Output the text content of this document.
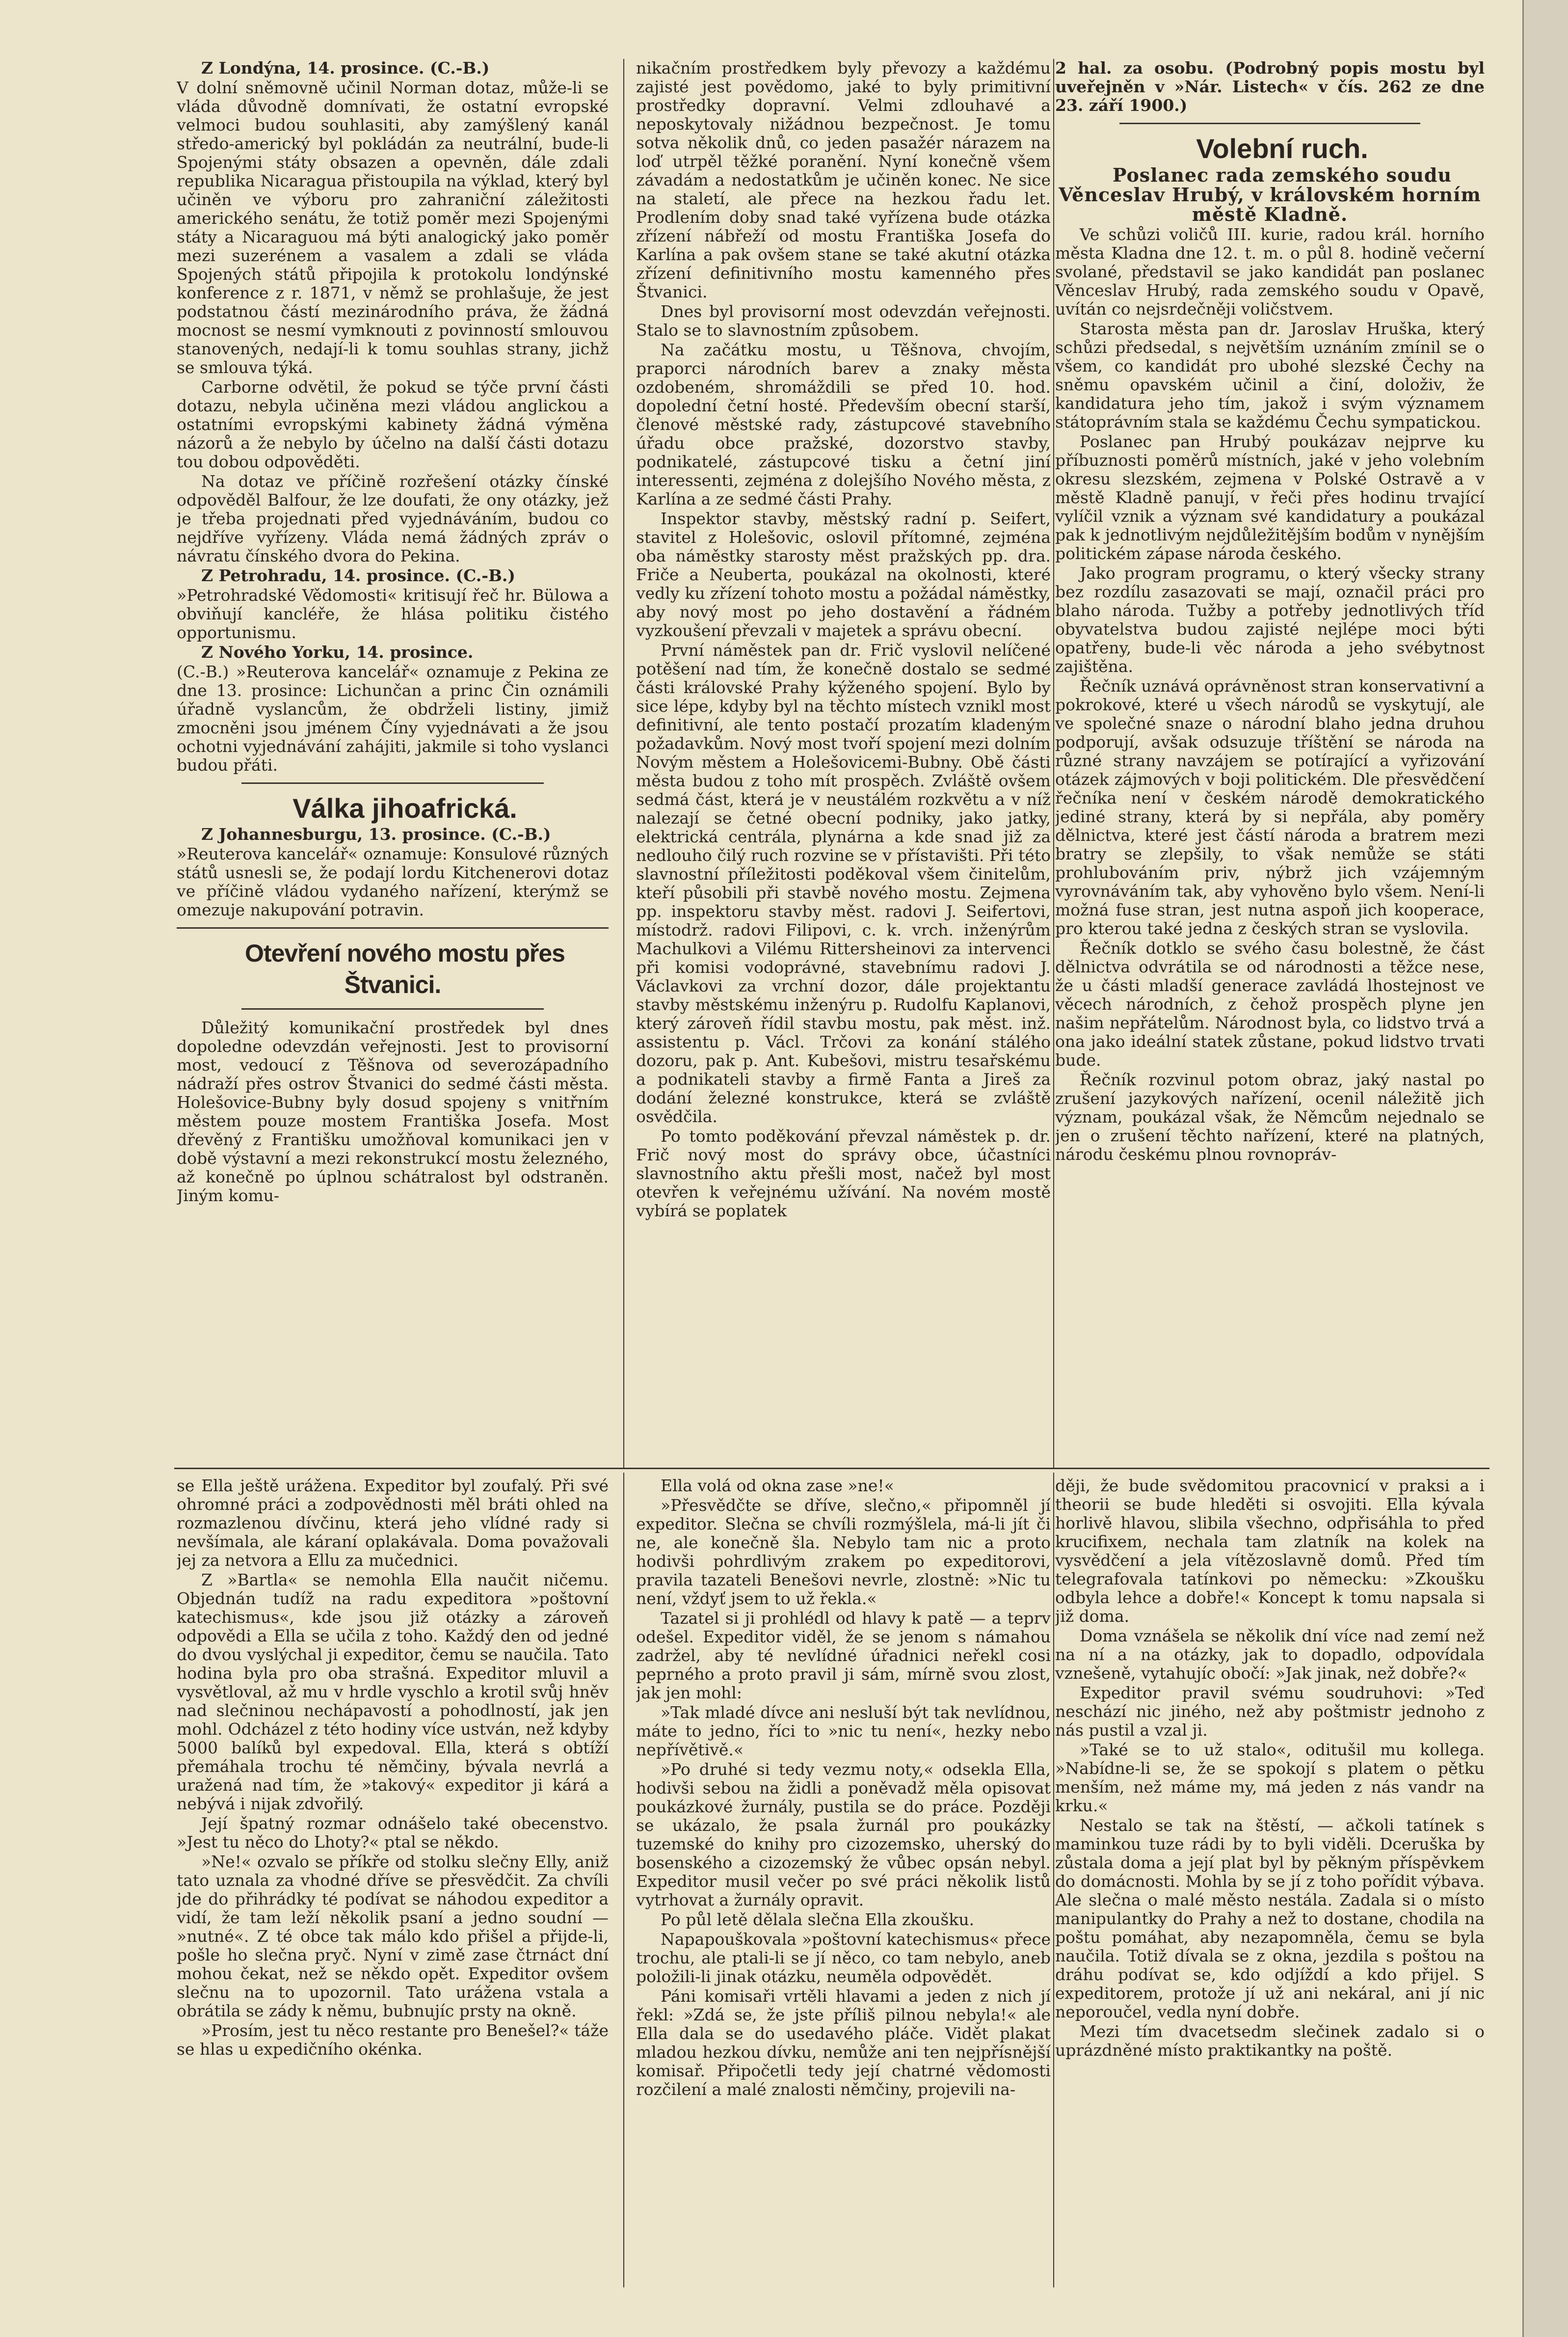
Z Londýna, 14. prosince. (C.-B.)

V dolní sněmovně učinil Norman dotaz, může-li se vláda důvodně domnívati, že ostatní evropské velmoci budou souhlasiti, aby zamýšlený kanál středo-americký byl pokládán za neutrální, bude-li Spojenými státy obsazen a opevněn, dále zdali republika Nicaragua přistoupila na výklad, který byl učiněn ve výboru pro zahraniční záležitosti amerického senátu, že totiž poměr mezi Spojenými státy a Nicaraguou má býti analogický jako poměr mezi suzerénem a vasalem a zdali se vláda Spojených států připojila k protokolu londýnské konference z r. 1871, v němž se prohlašuje, že jest podstatnou částí mezinárodního práva, že žádná mocnost se nesmí vymknouti z povinností smlouvou stanovených, nedají-li k tomu souhlas strany, jichž se smlouva týká.

Carborne odvětil, že pokud se týče první části dotazu, nebyla učiněna mezi vládou anglickou a ostatními evropskými kabinety žádná výměna názorů a že nebylo by účelno na další části dotazu tou dobou odpověděti.

Na dotaz ve příčině rozřešení otázky čínské odpověděl Balfour, že lze doufati, že ony otázky, jež je třeba projednati před vyjednáváním, budou co nejdříve vyřízeny. Vláda nemá žádných zpráv o návratu čínského dvora do Pekina.

Z Petrohradu, 14. prosince. (C.-B.)

»Petrohradské Vědomosti« kritisují řeč hr. Bülowa a obviňují kancléře, že hlása politiku čistého opportunismu.

Z Nového Yorku, 14. prosince.

(C.-B.) »Reuterova kancelář« oznamuje z Pekina ze dne 13. prosince: Lichunčan a princ Čin oznámili úřadně vyslancům, že obdrželi listiny, jimiž zmocněni jsou jménem Číny vyjednávati a že jsou ochotni vyjednávání zahájiti, jakmile si toho vyslanci budou přáti.

Válka jihoafrická.

Z Johannesburgu, 13. prosince. (C.-B.)

»Reuterova kancelář« oznamuje: Konsulové různých států usnesli se, že podají lordu Kitchenerovi dotaz ve příčině vládou vydaného nařízení, kterýmž se omezuje nakupování potravin.

Otevření nového mostu přes Štvanici.

Důležitý komunikační prostředek byl dnes dopoledne odevzdán veřejnosti. Jest to provisorní most, vedoucí z Těšnova od severozápadního nádraží přes ostrov Štvanici do sedmé části města. Holešovice-Bubny byly dosud spojeny s vnitřním městem pouze mostem Františka Josefa. Most dřevěný z Františku umožňoval komunikaci jen v době výstavní a mezi rekonstrukcí mostu železného, až konečně po úplnou schátralost byl odstraněn. Jiným komu-

nikačním prostředkem byly převozy a každému zajisté jest povědomo, jaké to byly primitivní prostředky dopravní. Velmi zdlouhavé a neposkytovaly nižádnou bezpečnost. Je tomu sotva několik dnů, co jeden pasažér nárazem na loď utrpěl těžké poranění. Nyní konečně všem závadám a nedostatkům je učiněn konec. Ne sice na staletí, ale přece na hezkou řadu let. Prodlením doby snad také vyřízena bude otázka zřízení nábřeží od mostu Františka Josefa do Karlína a pak ovšem stane se také akutní otázka zřízení definitivního mostu kamenného přes Štvanici.

Dnes byl provisorní most odevzdán veřejnosti. Stalo se to slavnostním způsobem.

Na začátku mostu, u Těšnova, chvojím, praporci národních barev a znaky města ozdobeném, shromáždili se před 10. hod. dopolední četní hosté. Především obecní starší, členové městské rady, zástupcové stavebního úřadu obce pražské, dozorstvo stavby, podnikatelé, zástupcové tisku a četní jiní interessenti, zejména z dolejšího Nového města, z Karlína a ze sedmé části Prahy.

Inspektor stavby, městský radní p. Seifert, stavitel z Holešovic, oslovil přítomné, zejména oba náměstky starosty měst pražských pp. dra. Friče a Neuberta, poukázal na okolnosti, které vedly ku zřízení tohoto mostu a požádal náměstky, aby nový most po jeho dostavění a řádném vyzkoušení převzali v majetek a správu obecní.

První náměstek pan dr. Frič vyslovil nelíčené potěšení nad tím, že konečně dostalo se sedmé části královské Prahy kýženého spojení. Bylo by sice lépe, kdyby byl na těchto místech vznikl most definitivní, ale tento postačí prozatím kladeným požadavkům. Nový most tvoří spojení mezi dolním Novým městem a Holešovicemi-Bubny. Obě části města budou z toho mít prospěch. Zvláště ovšem sedmá část, která je v neustálém rozkvětu a v níž nalezají se četné obecní podniky, jako jatky, elektrická centrála, plynárna a kde snad již za nedlouho čilý ruch rozvine se v přístavišti. Při této slavnostní příležitosti poděkoval všem činitelům, kteří působili při stavbě nového mostu. Zejmena pp. inspektoru stavby měst. radovi J. Seifertovi, místodrž. radovi Filipovi, c. k. vrch. inženýrům Machulkovi a Vilému Rittersheinovi za intervenci při komisi vodoprávné, stavebnímu radovi J. Václavkovi za vrchní dozor, dále projektantu stavby městskému inženýru p. Rudolfu Kaplanovi, který zároveň řídil stavbu mostu, pak měst. inž. assistentu p. Václ. Trčovi za konání stálého dozoru, pak p. Ant. Kubešovi, mistru tesařskému a podnikateli stavby a firmě Fanta a Jireš za dodání železné konstrukce, která se zvláště osvědčila.

Po tomto poděkování převzal náměstek p. dr. Frič nový most do správy obce, účastníci slavnostního aktu přešli most, načež byl most otevřen k veřejnému užívání. Na novém mostě vybírá se poplatek

2 hal. za osobu. (Podrobný popis mostu byl uveřejněn v »Nár. Listech« v čís. 262 ze dne 23. září 1900.)

Volební ruch.

Poslanec rada zemského soudu Věnceslav Hrubý, v královském horním městě Kladně.

Ve schůzi voličů III. kurie, radou král. horního města Kladna dne 12. t. m. o půl 8. hodině večerní svolané, představil se jako kandidát pan poslanec Věnceslav Hrubý, rada zemského soudu v Opavě, uvítán co nejsrdečněji voličstvem.

Starosta města pan dr. Jaroslav Hruška, který schůzi předsedal, s největším uznáním zmínil se o všem, co kandidát pro ubohé slezské Čechy na sněmu opavském učinil a činí, doloživ, že kandidatura jeho tím, jakož i svým významem státoprávním stala se každému Čechu sympatickou.

Poslanec pan Hrubý poukázav nejprve ku příbuznosti poměrů místních, jaké v jeho volebním okresu slezském, zejmena v Polské Ostravě a v městě Kladně panují, v řeči přes hodinu trvající vylíčil vznik a význam své kandidatury a poukázal pak k jednotlivým nejdůležitějším bodům v nynějším politickém zápase národa českého.

Jako program programu, o který všecky strany bez rozdílu zasazovati se mají, označil práci pro blaho národa. Tužby a potřeby jednotlivých tříd obyvatelstva budou zajisté nejlépe moci býti opatřeny, bude-li věc národa a jeho svébytnost zajištěna.

Řečník uznává oprávněnost stran konservativní a pokrokové, které u všech národů se vyskytují, ale ve společné snaze o národní blaho jedna druhou podporují, avšak odsuzuje tříštění se národa na různé strany navzájem se potírající a vyřizování otázek zájmových v boji politickém. Dle přesvědčení řečníka není v českém národě demokratického jediné strany, která by si nepřála, aby poměry dělnictva, které jest částí národa a bratrem mezi bratry se zlepšily, to však nemůže se státi prohlubováním priv, nýbrž jich vzájemným vyrovnáváním tak, aby vyhověno bylo všem. Není-li možná fuse stran, jest nutna aspoň jich kooperace, pro kterou také jedna z českých stran se vyslovila.

Řečník dotklo se svého času bolestně, že část dělnictva odvrátila se od národnosti a těžce nese, že u části mladší generace zavládá lhostejnost ve věcech národních, z čehož prospěch plyne jen našim nepřátelům. Národnost byla, co lidstvo trvá a ona jako ideální statek zůstane, pokud lidstvo trvati bude.

Řečník rozvinul potom obraz, jaký nastal po zrušení jazykových nařízení, ocenil náležitě jich význam, poukázal však, že Němcům nejednalo se jen o zrušení těchto nařízení, které na platných, národu českému plnou rovnopráv-

se Ella ještě urážena. Expeditor byl zoufalý. Při své ohromné práci a zodpovědnosti měl bráti ohled na rozmazlenou dívčinu, která jeho vlídné rady si nevšímala, ale káraní oplakávala. Doma považovali jej za netvora a Ellu za mučednici.

Z »Bartla« se nemohla Ella naučit ničemu. Objednán tudíž na radu expeditora »poštovní katechismus«, kde jsou již otázky a zároveň odpovědi a Ella se učila z toho. Každý den od jedné do dvou vyslýchal ji expeditor, čemu se naučila. Tato hodina byla pro oba strašná. Expeditor mluvil a vysvětloval, až mu v hrdle vyschlo a krotil svůj hněv nad slečninou nechápavostí a pohodlností, jak jen mohl. Odcházel z této hodiny více ustván, než kdyby 5000 balíků byl expedoval. Ella, která s obtíží přemáhala trochu té němčiny, bývala nevrlá a uražená nad tím, že »takový« expeditor ji kárá a nebývá i nijak zdvořilý.

Její špatný rozmar odnášelo také obecenstvo. »Jest tu něco do Lhoty?« ptal se někdo.

»Ne!« ozvalo se příkře od stolku slečny Elly, aniž tato uznala za vhodné dříve se přesvědčit. Za chvíli jde do přihrádky té podívat se náhodou expeditor a vidí, že tam leží několik psaní a jedno soudní — »nutné«. Z té obce tak málo kdo přišel a přijde-li, pošle ho slečna pryč. Nyní v zimě zase čtrnáct dní mohou čekat, než se někdo opět. Expeditor ovšem slečnu na to upozornil. Tato urážena vstala a obrátila se zády k němu, bubnujíc prsty na okně.

»Prosím, jest tu něco restante pro Benešel?« táže se hlas u expedičního okénka.

Ella volá od okna zase »ne!«

»Přesvědčte se dříve, slečno,« připomněl jí expeditor. Slečna se chvíli rozmýšlela, má-li jít či ne, ale konečně šla. Nebylo tam nic a proto hodivši pohrdlivým zrakem po expeditorovi, pravila tazateli Benešovi nevrle, zlostně: »Nic tu není, vždyť jsem to už řekla.«

Tazatel si ji prohlédl od hlavy k patě — a teprv odešel. Expeditor viděl, že se jenom s námahou zadržel, aby té nevlídné úřadnici neřekl cosi peprného a proto pravil ji sám, mírně svou zlost, jak jen mohl:

»Tak mladé dívce ani nesluší být tak nevlídnou, máte to jedno, říci to »nic tu není«, hezky nebo nepřívětivě.«

»Po druhé si tedy vezmu noty,« odsekla Ella, hodivši sebou na židli a poněvadž měla opisovat poukázkové žurnály, pustila se do práce. Později se ukázalo, že psala žurnál pro poukázky tuzemské do knihy pro cizozemsko, uherský do bosenského a cizozemský že vůbec opsán nebyl. Expeditor musil večer po své práci několik listů vytrhovat a žurnály opravit.

Po půl letě dělala slečna Ella zkoušku.

Napapouškovala »poštovní katechismus« přece trochu, ale ptali-li se jí něco, co tam nebylo, aneb položili-li jinak otázku, neuměla odpovědět.

Páni komisaři vrtěli hlavami a jeden z nich jí řekl: »Zdá se, že jste příliš pilnou nebyla!« ale Ella dala se do usedavého pláče. Vidět plakat mladou hezkou dívku, nemůže ani ten nejpřísnější komisař. Připočetli tedy její chatrné vědomosti rozčilení a malé znalosti němčiny, projevili na-

ději, že bude svědomitou pracovnicí v praksi a i theorii se bude hleděti si osvojiti. Ella kývala horlivě hlavou, slibila všechno, odpřisáhla to před krucifixem, nechala tam zlatník na kolek na vysvědčení a jela vítězoslavně domů. Před tím telegrafovala tatínkovi po německu: »Zkoušku odbyla lehce a dobře!« Koncept k tomu napsala si již doma.

Doma vznášela se několik dní více nad zemí než na ní a na otázky, jak to dopadlo, odpovídala vznešeně, vytahujíc obočí: »Jak jinak, než dobře?«

Expeditor pravil svému soudruhovi: »Teď neschází nic jiného, než aby poštmistr jednoho z nás pustil a vzal ji.

»Také se to už stalo«, oditušil mu kollega. »Nabídne-li se, že se spokojí s platem o pětku menším, než máme my, má jeden z nás vandr na krku.«

Nestalo se tak na štěstí, — ačkoli tatínek s maminkou tuze rádi by to byli viděli. Dceruška by zůstala doma a její plat byl by pěkným příspěvkem do domácnosti. Mohla by se jí z toho pořídit výbava. Ale slečna o malé město nestála. Zadala si o místo manipulantky do Prahy a než to dostane, chodila na poštu pomáhat, aby nezapomněla, čemu se byla naučila. Totiž dívala se z okna, jezdila s poštou na dráhu podívat se, kdo odjíždí a kdo přijel. S expeditorem, protože jí už ani nekáral, ani jí nic neporoučel, vedla nyní dobře.

Mezi tím dvacetsedm slečinek zadalo si o uprázdněné místo praktikantky na poště.
